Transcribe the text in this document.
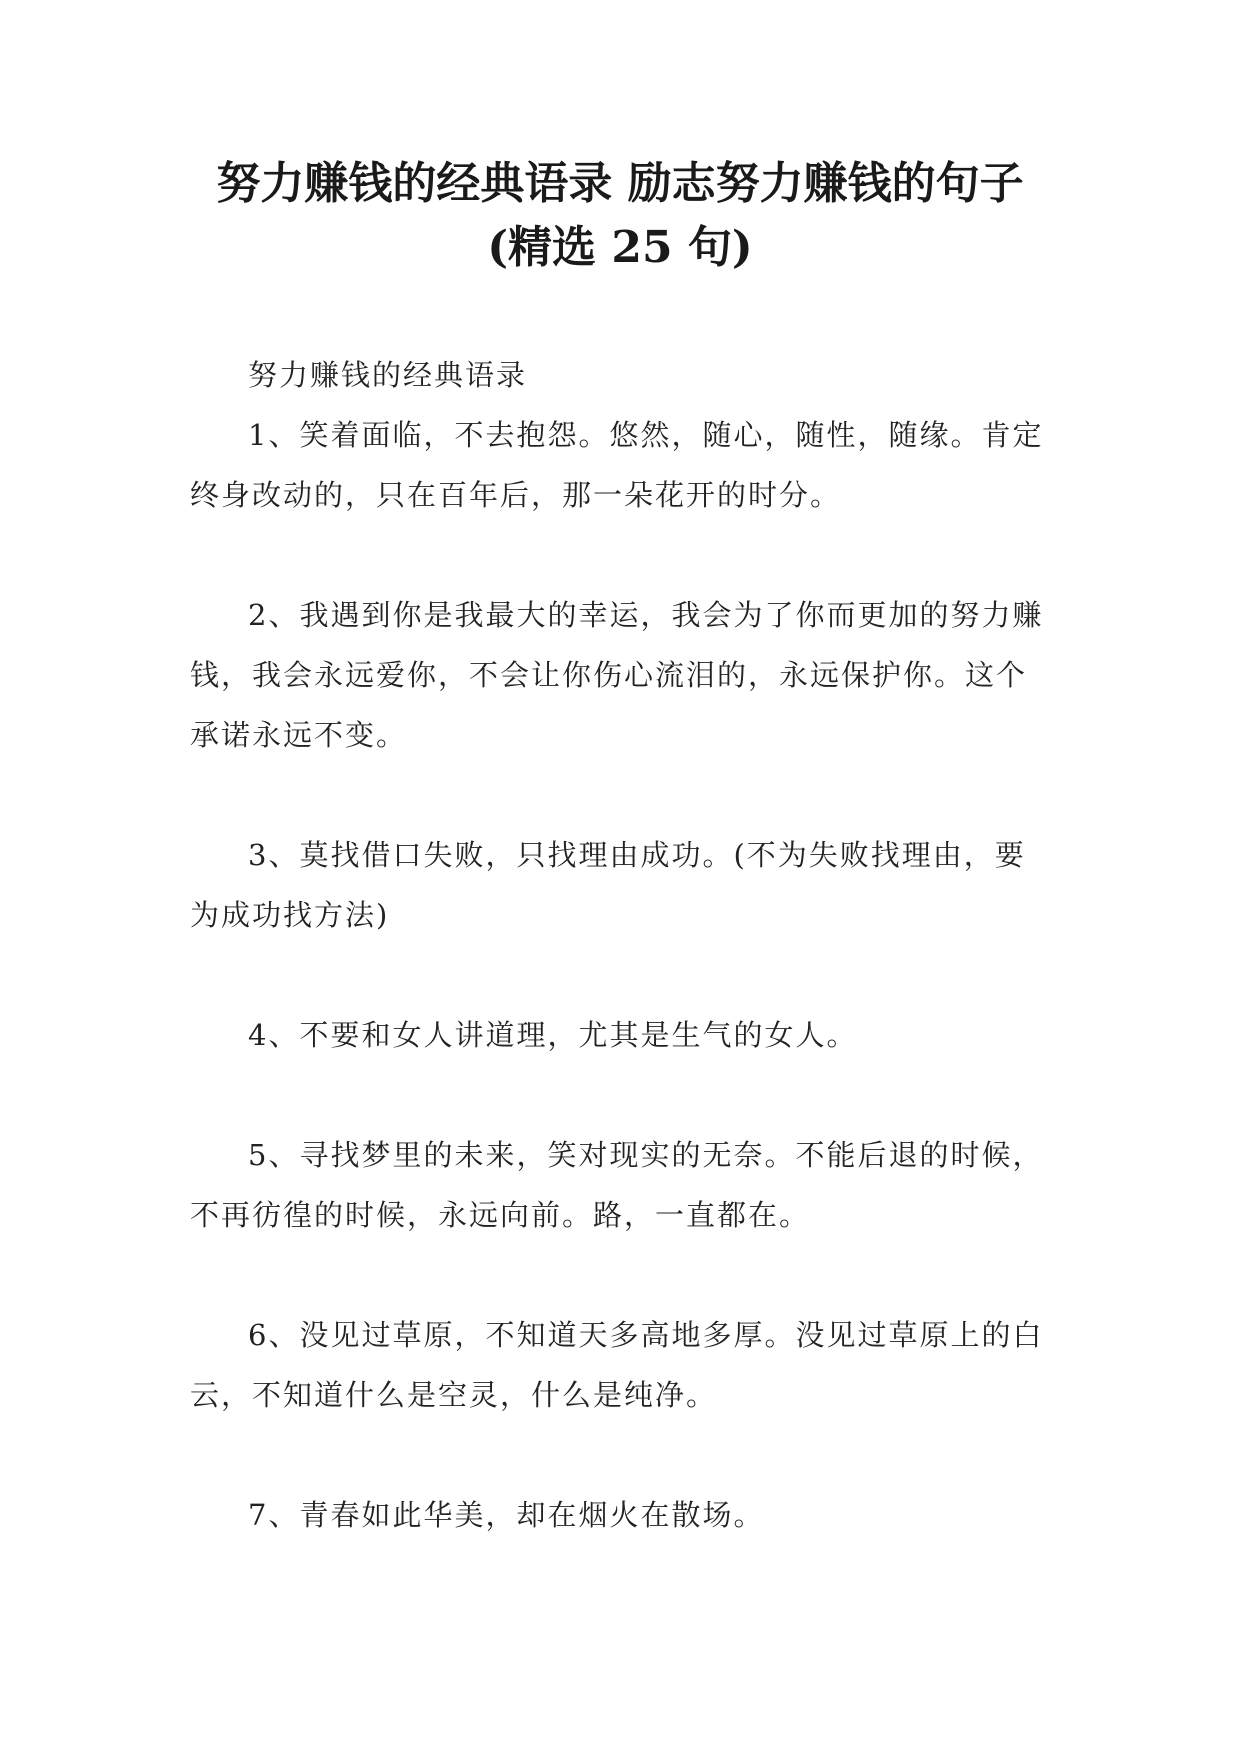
努力赚钱的经典语录 励志努力赚钱的句子
(精选 25 句)

努力赚钱的经典语录

1、笑着面临，不去抱怨。悠然，随心，随性，随缘。肯定终身改动的，只在百年后，那一朵花开的时分。

2、我遇到你是我最大的幸运，我会为了你而更加的努力赚钱，我会永远爱你，不会让你伤心流泪的，永远保护你。这个承诺永远不变。

3、莫找借口失败，只找理由成功。(不为失败找理由，要为成功找方法)

4、不要和女人讲道理，尤其是生气的女人。

5、寻找梦里的未来，笑对现实的无奈。不能后退的时候，不再彷徨的时候，永远向前。路，一直都在。

6、没见过草原，不知道天多高地多厚。没见过草原上的白云，不知道什么是空灵，什么是纯净。

7、青春如此华美，却在烟火在散场。
